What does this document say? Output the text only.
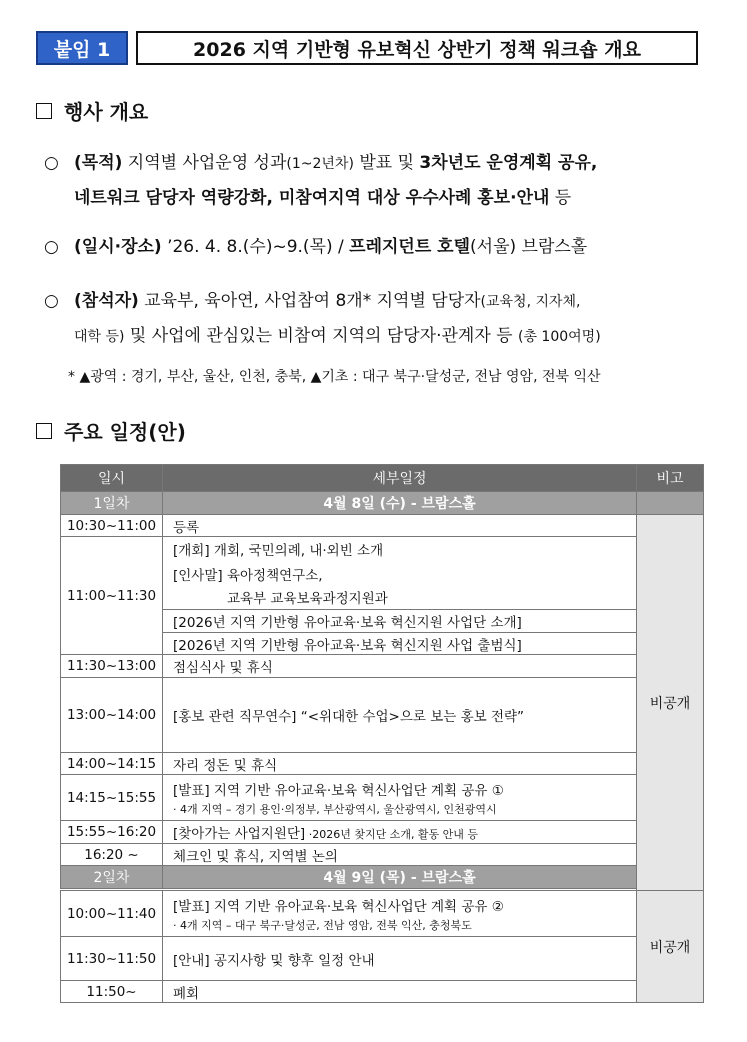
붙임 1	2026 지역 기반형 유보혁신 상반기 정책 워크숍 개요
행사 개요
○ (목적) 지역별 사업운영 성과(1~2년차) 발표 및 3차년도 운영계획 공유,
네트워크 담당자 역량강화, 미참여지역 대상 우수사례 홍보·안내 등
○ (일시·장소) ’26. 4. 8.(수)~9.(목) / 프레지던트 호텔(서울) 브람스홀
○ (참석자) 교육부, 육아연, 사업참여 8개* 지역별 담당자(교육청, 지자체,
대학 등) 및 사업에 관심있는 비참여 지역의 담당자·관계자 등 (총 100여명)
* ▲광역 : 경기, 부산, 울산, 인천, 충북, ▲기초 : 대구 북구·달성군, 전남 영암, 전북 익산
주요 일정(안)
일시	세부일정	비고
1일차	4월 8일 (수) - 브람스홀	
10:30~11:00	등록	비공개
11:00~11:30	[개회] 개회, 국민의례, 내·외빈 소개
[인사말] 육아정책연구소,
교육부 교육보육과정지원과	

	[2026년 지역 기반형 유아교육·보육 혁신지원 사업단 소개]	
	[2026년 지역 기반형 유아교육·보육 혁신지원 사업 출범식]	
11:30~13:00	점심식사 및 휴식	
13:00~14:00	[홍보 관련 직무연수] “<위대한 수업>으로 보는 홍보 전략”	
14:00~14:15	자리 정돈 및 휴식	
14:15~15:55	[발표] 지역 기반 유아교육·보육 혁신사업단 계획 공유 ①
· 4개 지역 – 경기 용인·의정부, 부산광역시, 울산광역시, 인천광역시	

15:55~16:20	[찾아가는 사업지원단] ·2026년 찾지단 소개, 활동 안내 등	
16:20 ~	체크인 및 휴식, 지역별 논의	
2일차	4월 9일 (목) - 브람스홀	

10:00~11:40	[발표] 지역 기반 유아교육·보육 혁신사업단 계획 공유 ②
· 4개 지역 – 대구 북구·달성군, 전남 영암, 전북 익산, 충청북도	비공개
11:30~11:50	[안내] 공지사항 및 향후 일정 안내	
11:50~	폐회	
